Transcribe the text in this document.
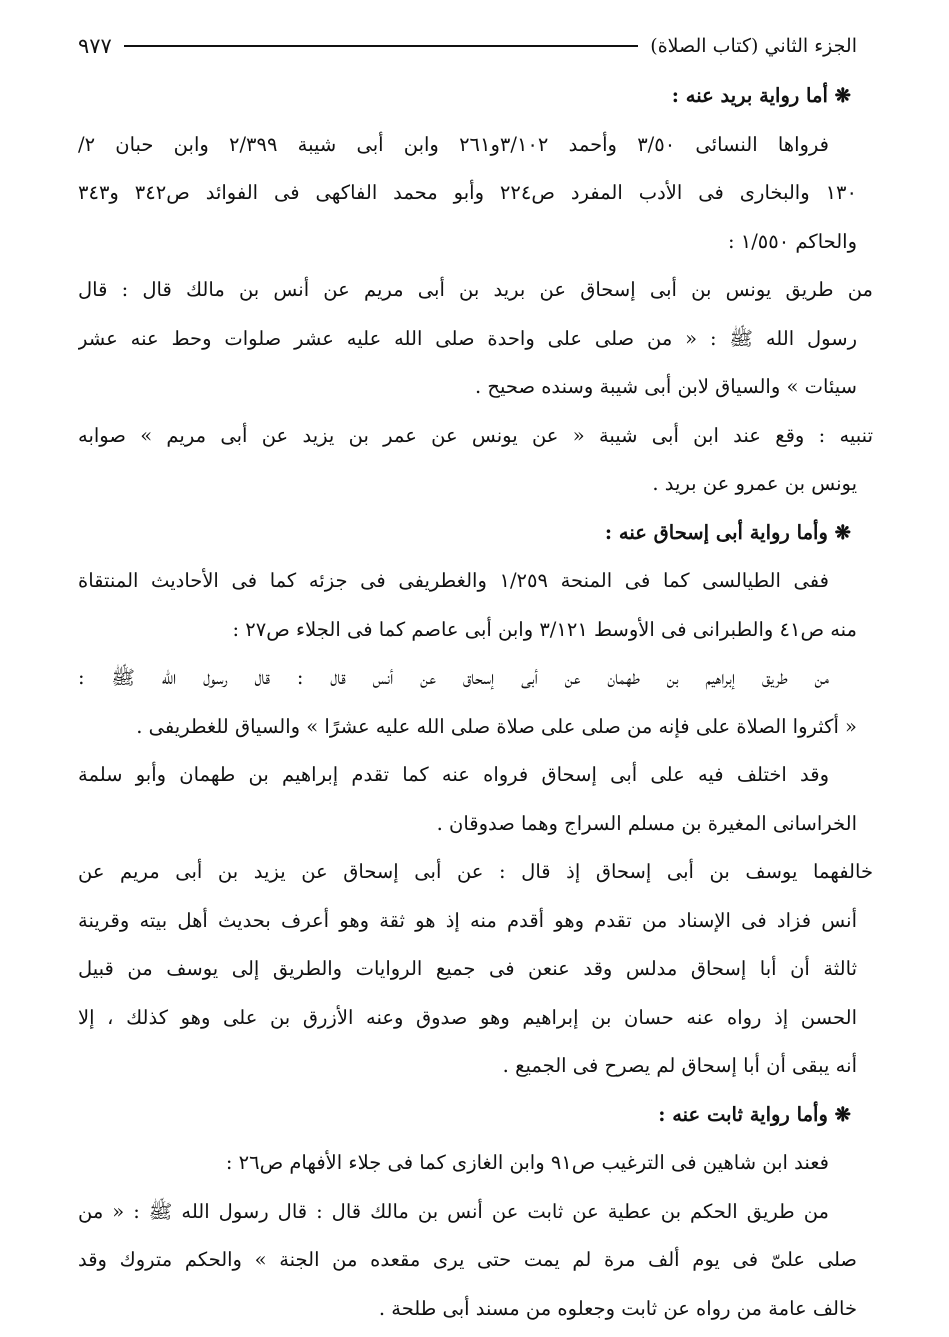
الجزء الثاني (كتاب الصلاة)
٩٧٧
❋ أما رواية بريد عنه :
فرواها النسائى ٣/٥٠ وأحمد ٣/١٠٢و٢٦١ وابن أبى شيبة ٢/٣٩٩ وابن حبان ٢/
١٣٠ والبخارى فى الأدب المفرد ص٢٢٤ وأبو محمد الفاكهى فى الفوائد ص٣٤٢ و٣٤٣
والحاكم ١/٥٥٠ :
من طريق يونس بن أبى إسحاق عن بريد بن أبى مريم عن أنس بن مالك قال : قال
رسول الله ﷺ : « من صلى على واحدة صلى الله عليه عشر صلوات وحط عنه عشر
سيئات » والسياق لابن أبى شيبة وسنده صحيح .
تنبيه : وقع عند ابن أبى شيبة « عن يونس عن عمر بن يزيد عن أبى مريم » صوابه
يونس بن عمرو عن بريد .
❋ وأما رواية أبى إسحاق عنه :
ففى الطيالسى كما فى المنحة ١/٢٥٩ والغطريفى فى جزئه كما فى الأحاديث المنتقاة
منه ص٤١ والطبرانى فى الأوسط ٣/١٢١ وابن أبى عاصم كما فى الجلاء ص٢٧ :
من طريق إبراهيم بن طهمان عن أبى إسحاق عن أنس قال : قال رسول الله ﷺ :
« أكثروا الصلاة على فإنه من صلى على صلاة صلى الله عليه عشرًا » والسياق للغطريفى .
وقد اختلف فيه على أبى إسحاق فرواه عنه كما تقدم إبراهيم بن طهمان وأبو سلمة
الخراسانى المغيرة بن مسلم السراج وهما صدوقان .
خالفهما يوسف بن أبى إسحاق إذ قال : عن أبى إسحاق عن يزيد بن أبى مريم عن
أنس فزاد فى الإسناد من تقدم وهو أقدم منه إذ هو ثقة وهو أعرف بحديث أهل بيته وقرينة
ثالثة أن أبا إسحاق مدلس وقد عنعن فى جميع الروايات والطريق إلى يوسف من قبيل
الحسن إذ رواه عنه حسان بن إبراهيم وهو صدوق وعنه الأزرق بن على وهو كذلك ، إلا
أنه يبقى أن أبا إسحاق لم يصرح فى الجميع .
❋ وأما رواية ثابت عنه :
فعند ابن شاهين فى الترغيب ص٩١ وابن الغازى كما فى جلاء الأفهام ص٢٦ :
من طريق الحكم بن عطية عن ثابت عن أنس بن مالك قال : قال رسول الله ﷺ : « من
صلى علىّ فى يوم ألف مرة لم يمت حتى يرى مقعده من الجنة » والحكم متروك وقد
خالف عامة من رواه عن ثابت وجعلوه من مسند أبى طلحة .
